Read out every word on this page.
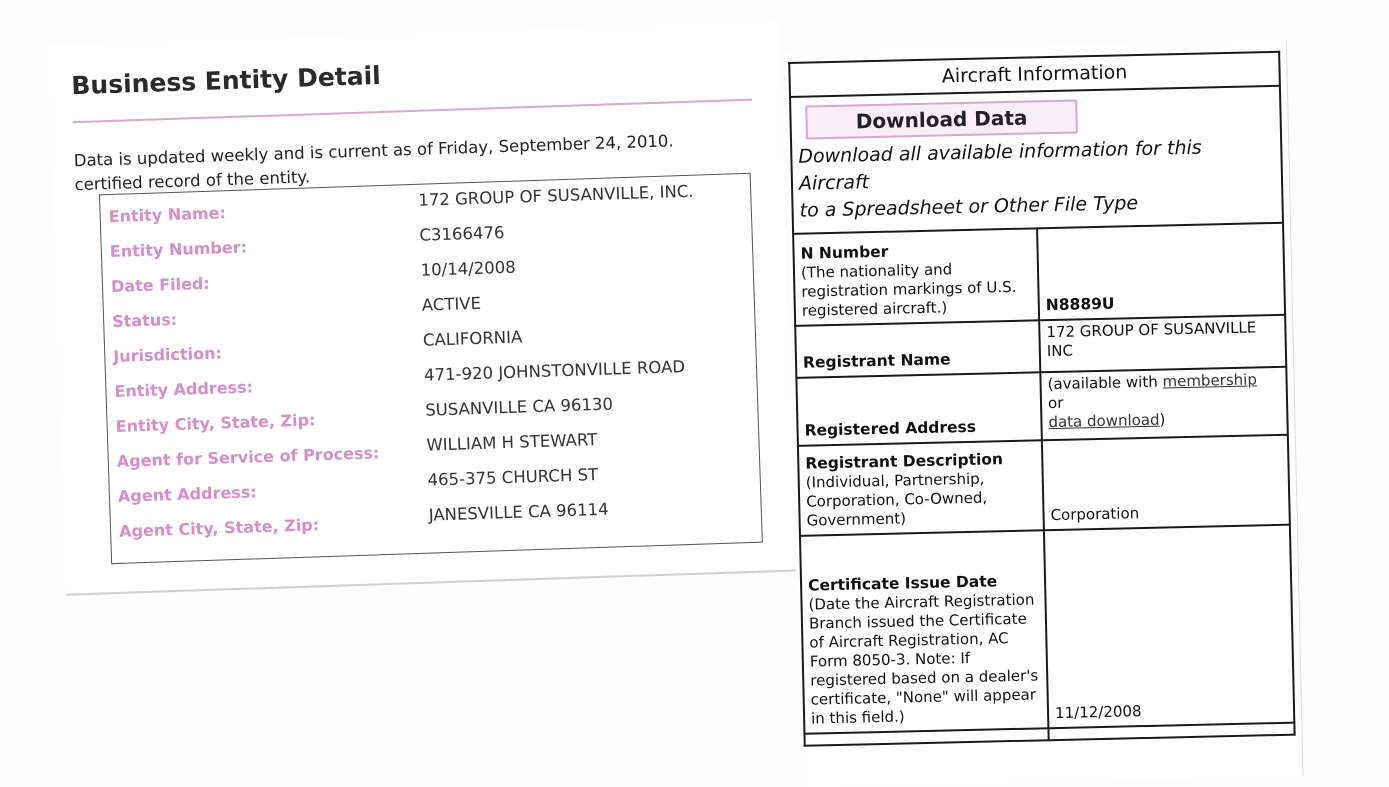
Business Entity Detail

Data is updated weekly and is current as of Friday, September 24, 2010.
certified record of the entity.

Entity Name:
172 GROUP OF SUSANVILLE, INC.
Entity Number:
C3166476
Date Filed:
10/14/2008
Status:
ACTIVE
Jurisdiction:
CALIFORNIA
Entity Address:
471-920 JOHNSTONVILLE ROAD
Entity City, State, Zip:
SUSANVILLE CA 96130
Agent for Service of Process:
WILLIAM H STEWART
Agent Address:
465-375 CHURCH ST
Agent City, State, Zip:
JANESVILLE CA 96114
Aircraft Information	
Download Data
Download all available information for this
Aircraft
to a Spreadsheet or Other File Type	

N Number
(The nationality and registration markings of U.S. registered aircraft.)	N8889U
Registrant Name	172 GROUP OF SUSANVILLE INC
Registered Address	(available with membership
or
data download)
Registrant Description
(Individual, Partnership, Corporation, Co-Owned, Government)	Corporation
Certificate Issue Date
(Date the Aircraft Registration Branch issued the Certificate of Aircraft Registration, AC Form 8050-3. Note: If registered based on a dealer's certificate, "None" will appear in this field.)	11/12/2008
